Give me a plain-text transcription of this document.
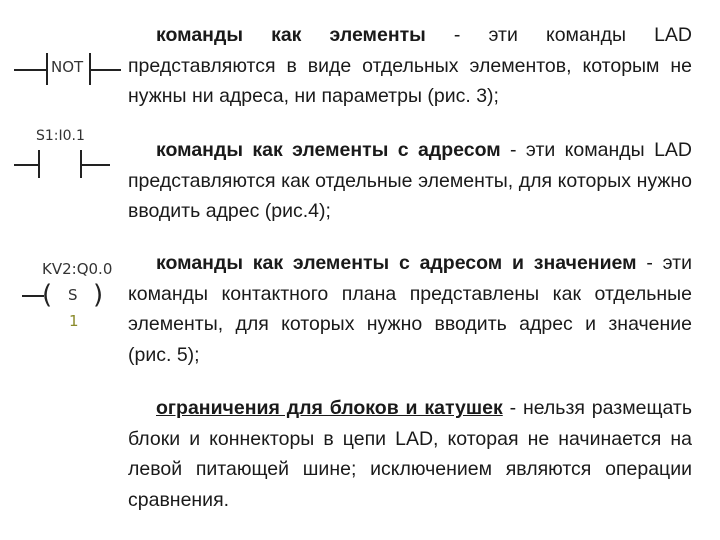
NOT
S1:I0.1
KV2:Q0.0
( S )
1

команды как элементы - эти команды LAD представляются в виде отдельных элементов, которым не нужны ни адреса, ни параметры (рис. 3);

команды как элементы с адресом - эти команды LAD представляются как отдельные элементы, для которых нужно вводить адрес (рис.4);

команды как элементы с адресом и значением - эти команды контактного плана представлены как отдельные элементы, для которых нужно вводить адрес и значение (рис. 5);

ограничения для блоков и катушек - нельзя размещать блоки и коннекторы в цепи LAD, которая не начинается на левой питающей шине; исключением являются операции сравнения.
